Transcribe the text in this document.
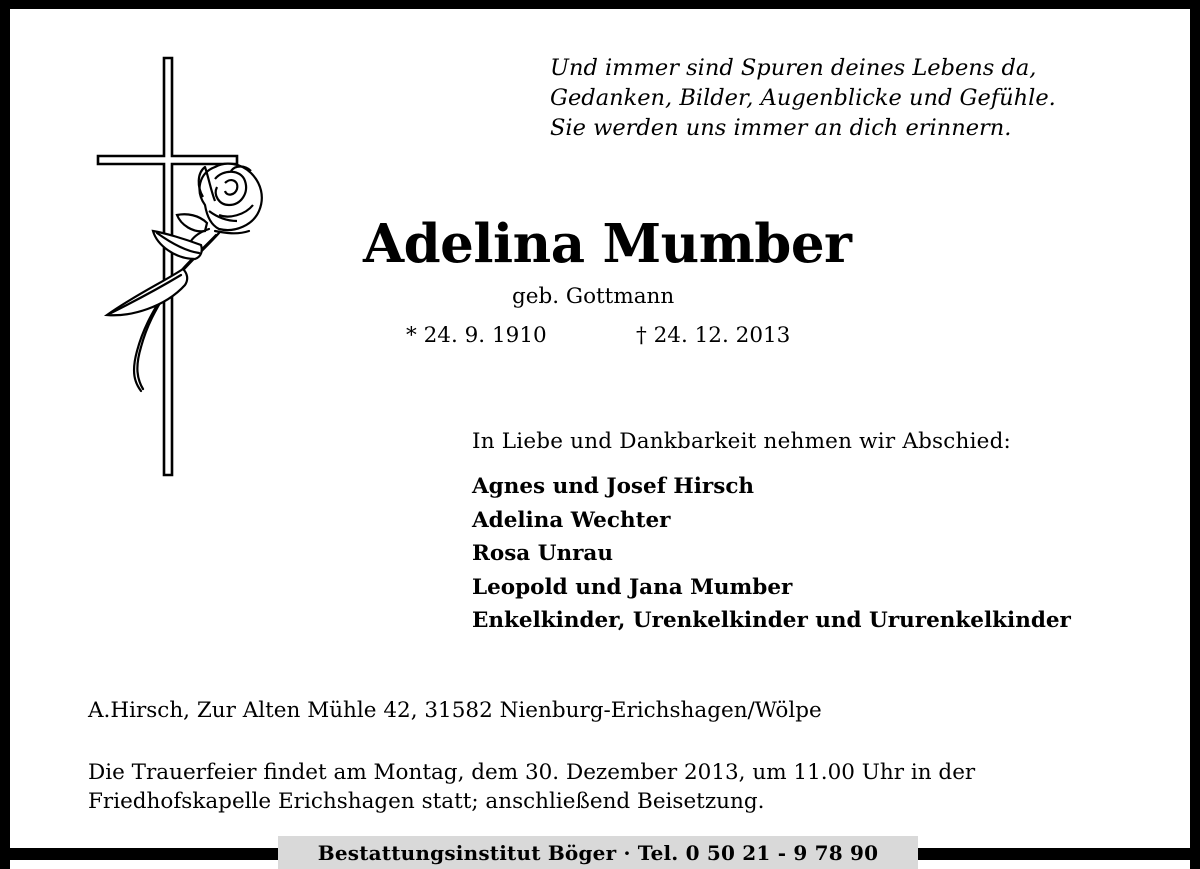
Und immer sind Spuren deines Lebens da,
Gedanken, Bilder, Augenblicke und Gefühle.
Sie werden uns immer an dich erinnern.
Adelina Mumber
geb. Gottmann
* 24. 9. 1910	† 24. 12. 2013
In Liebe und Dankbarkeit nehmen wir Abschied:
Agnes und Josef Hirsch
Adelina Wechter
Rosa Unrau
Leopold und Jana Mumber
Enkelkinder, Urenkelkinder und Ururenkelkinder
A.Hirsch, Zur Alten Mühle 42, 31582 Nienburg-Erichshagen/Wölpe
Die Trauerfeier findet am Montag, dem 30. Dezember 2013, um 11.00 Uhr in der
Friedhofskapelle Erichshagen statt; anschließend Beisetzung.
Bestattungsinstitut Böger · Tel. 0 50 21 - 9 78 90
